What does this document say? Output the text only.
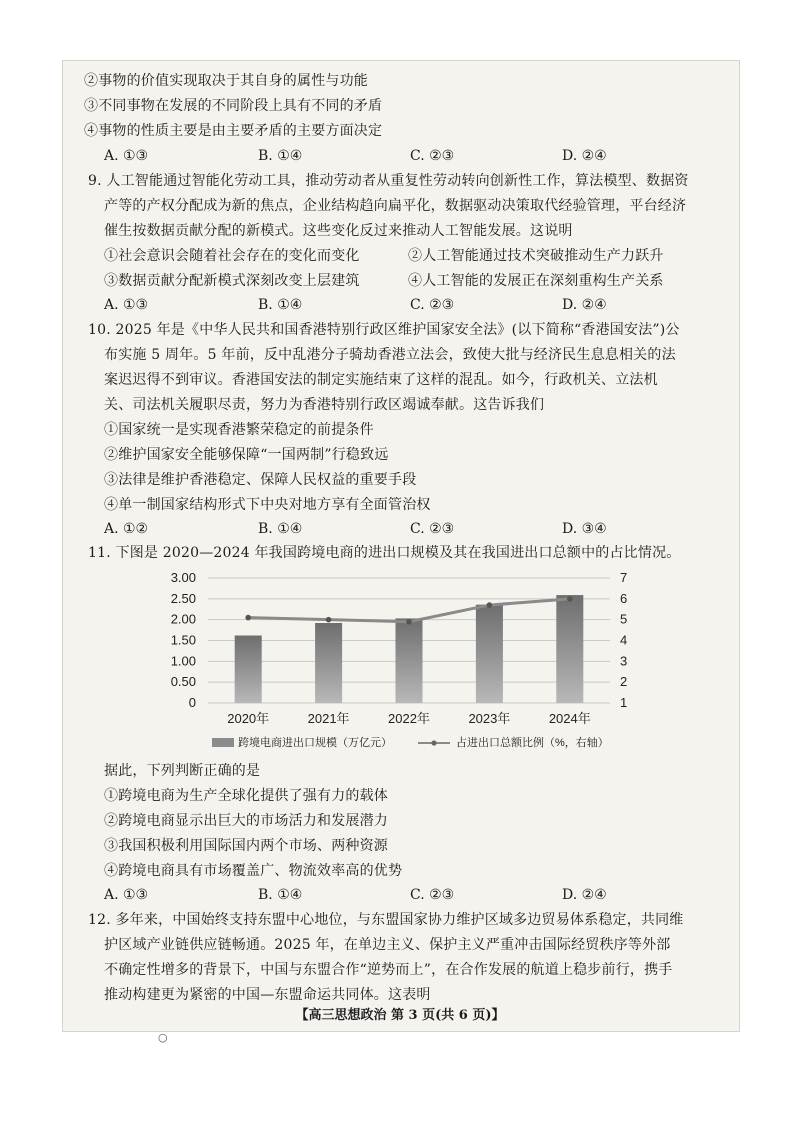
②事物的价值实现取决于其自身的属性与功能
③不同事物在发展的不同阶段上具有不同的矛盾
④事物的性质主要是由主要矛盾的主要方面决定
A. ①③	B. ①④	C. ②③	D. ②④
9. 人工智能通过智能化劳动工具，推动劳动者从重复性劳动转向创新性工作，算法模型、数据资
产等的产权分配成为新的焦点，企业结构趋向扁平化，数据驱动决策取代经验管理，平台经济
催生按数据贡献分配的新模式。这些变化反过来推动人工智能发展。这说明
①社会意识会随着社会存在的变化而变化	②人工智能通过技术突破推动生产力跃升
③数据贡献分配新模式深刻改变上层建筑	④人工智能的发展正在深刻重构生产关系
A. ①③	B. ①④	C. ②③	D. ②④
10. 2025 年是《中华人民共和国香港特别行政区维护国家安全法》(以下简称“香港国安法”)公
布实施 5 周年。5 年前，反中乱港分子骑劫香港立法会，致使大批与经济民生息息相关的法
案迟迟得不到审议。香港国安法的制定实施结束了这样的混乱。如今，行政机关、立法机
关、司法机关履职尽责，努力为香港特别行政区竭诚奉献。这告诉我们
①国家统一是实现香港繁荣稳定的前提条件
②维护国家安全能够保障“一国两制”行稳致远
③法律是维护香港稳定、保障人民权益的重要手段
④单一制国家结构形式下中央对地方享有全面管治权
A. ①②	B. ①④	C. ②③	D. ③④
11. 下图是 2020—2024 年我国跨境电商的进出口规模及其在我国进出口总额中的占比情况。
0
0.50
1.00
1.50
2.00
2.50
3.00
1
2
3
4
5
6
7
2020年	2021年	2022年	2023年	2024年
跨境电商进出口规模（万亿元）	占进出口总额比例（%，右轴）
据此，下列判断正确的是
①跨境电商为生产全球化提供了强有力的载体
②跨境电商显示出巨大的市场活力和发展潜力
③我国积极利用国际国内两个市场、两种资源
④跨境电商具有市场覆盖广、物流效率高的优势
A. ①③	B. ①④	C. ②③	D. ②④
12. 多年来，中国始终支持东盟中心地位，与东盟国家协力维护区域多边贸易体系稳定，共同维
护区域产业链供应链畅通。2025 年，在单边主义、保护主义严重冲击国际经贸秩序等外部
不确定性增多的背景下，中国与东盟合作“逆势而上”，在合作发展的航道上稳步前行，携手
推动构建更为紧密的中国—东盟命运共同体。这表明
【高三思想政治 第 3 页(共 6 页)】
○
